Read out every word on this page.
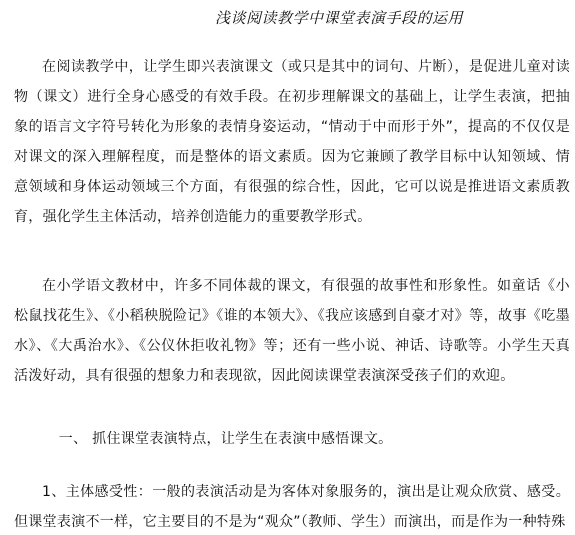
浅谈阅读教学中课堂表演手段的运用

在阅读教学中，让学生即兴表演课文（或只是其中的词句、片断），是促进儿童对读物（课文）进行全身心感受的有效手段。在初步理解课文的基础上，让学生表演，把抽象的语言文字符号转化为形象的表情身姿运动，“情动于中而形于外”，提高的不仅仅是对课文的深入理解程度，而是整体的语文素质。因为它兼顾了教学目标中认知领域、情意领域和身体运动领域三个方面，有很强的综合性，因此，它可以说是推进语文素质教育，强化学生主体活动，培养创造能力的重要教学形式。

在小学语文教材中，许多不同体裁的课文，有很强的故事性和形象性。如童话《小松鼠找花生》、《小稻秧脱险记》《谁的本领大》、《我应该感到自豪才对》等，故事《吃墨水》、《大禹治水》、《公仪休拒收礼物》等；还有一些小说、神话、诗歌等。小学生天真活泼好动，具有很强的想象力和表现欲，因此阅读课堂表演深受孩子们的欢迎。

一、 抓住课堂表演特点，让学生在表演中感悟课文。

1、主体感受性：一般的表演活动是为客体对象服务的，演出是让观众欣赏、感受。但课堂表演不一样，它主要目的不是为“观众”（教师、学生）而演出，而是作为一种特殊
